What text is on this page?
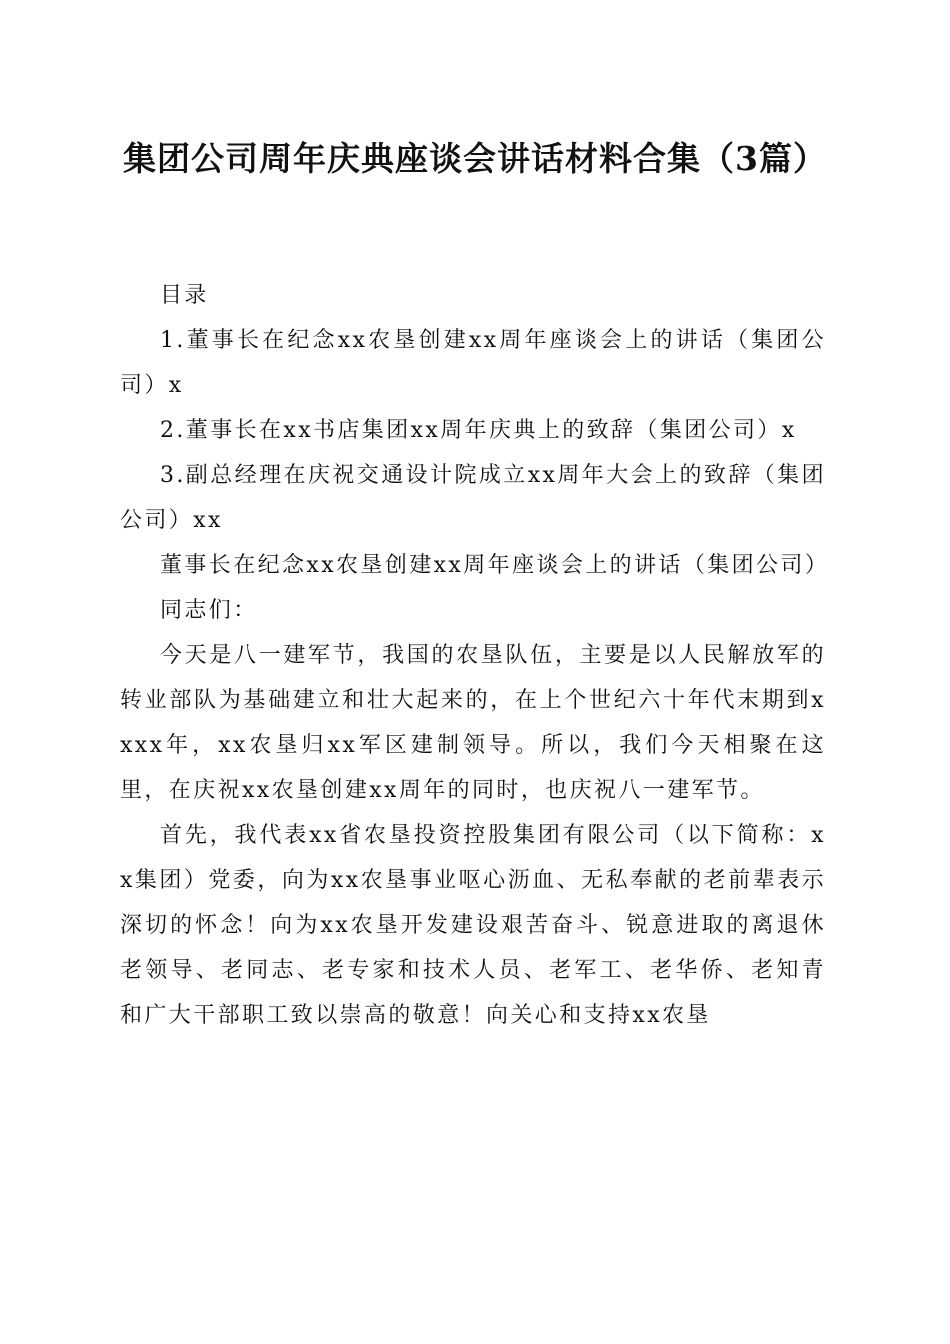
集团公司周年庆典座谈会讲话材料合集（3篇）

目录

1.董事长在纪念xx农垦创建xx周年座谈会上的讲话（集团公司）x

2.董事长在xx书店集团xx周年庆典上的致辞（集团公司）x

3.副总经理在庆祝交通设计院成立xx周年大会上的致辞（集团公司）xx

董事长在纪念xx农垦创建xx周年座谈会上的讲话（集团公司）

同志们：

今天是八一建军节，我国的农垦队伍，主要是以人民解放军的转业部队为基础建立和壮大起来的，在上个世纪六十年代末期到xxxx年，xx农垦归xx军区建制领导。所以，我们今天相聚在这里，在庆祝xx农垦创建xx周年的同时，也庆祝八一建军节。

首先，我代表xx省农垦投资控股集团有限公司（以下简称：xx集团）党委，向为xx农垦事业呕心沥血、无私奉献的老前辈表示深切的怀念！向为xx农垦开发建设艰苦奋斗、锐意进取的离退休老领导、老同志、老专家和技术人员、老军工、老华侨、老知青和广大干部职工致以崇高的敬意！向关心和支持xx农垦
